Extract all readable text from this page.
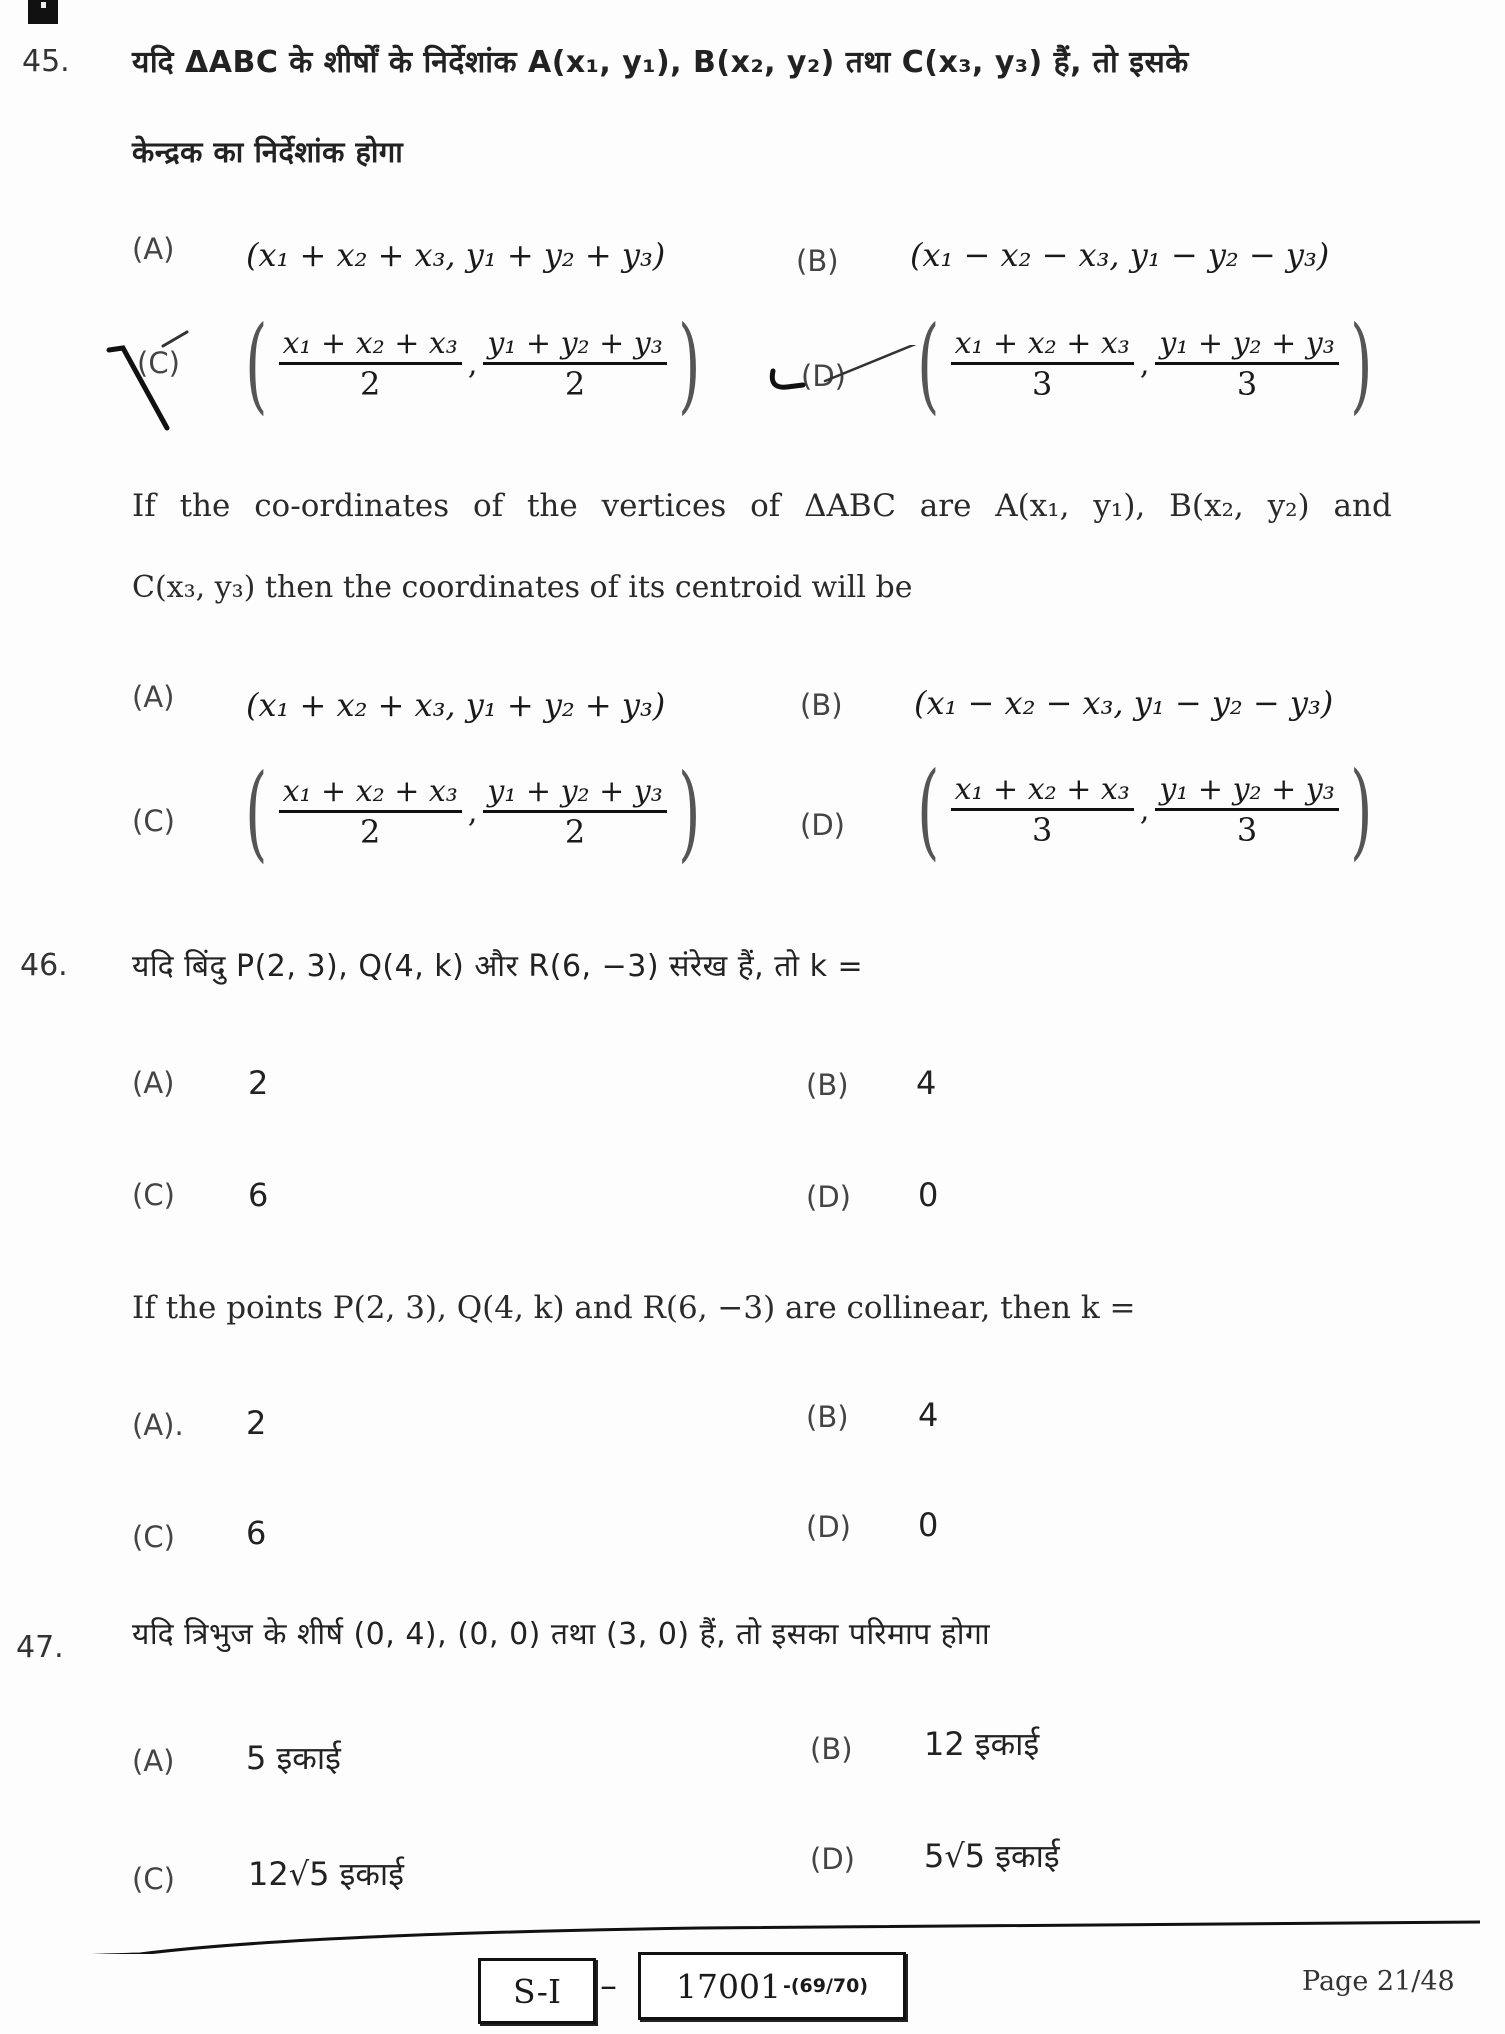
45. यदि ΔABC के शीर्षों के निर्देशांक A(x₁, y₁), B(x₂, y₂) तथा C(x₃, y₃) हैं, तो इसके
केन्द्रक का निर्देशांक होगा
(A) (x₁ + x₂ + x₃, y₁ + y₂ + y₃)	(B) (x₁ − x₂ − x₃, y₁ − y₂ − y₃)
(C) ( $\frac{\text{x₁ + x₂ + x₃}}{2}$ , $\frac{\text{y₁ + y₂ + y₃}}{2}$ )	(D) ( $\frac{\text{x₁ + x₂ + x₃}}{3}$ , $\frac{\text{y₁ + y₂ + y₃}}{3}$ )
If the co-ordinates of the vertices of ΔABC are A(x₁, y₁), B(x₂, y₂) and
C(x₃, y₃) then the coordinates of its centroid will be
(A) (x₁ + x₂ + x₃, y₁ + y₂ + y₃)	(B) (x₁ − x₂ − x₃, y₁ − y₂ − y₃)
(C) ( $\frac{\text{x₁ + x₂ + x₃}}{2}$ , $\frac{\text{y₁ + y₂ + y₃}}{2}$ )	(D) ( $\frac{\text{x₁ + x₂ + x₃}}{3}$ , $\frac{\text{y₁ + y₂ + y₃}}{3}$ )
46. यदि बिंदु P(2, 3), Q(4, k) और R(6, −3) संरेख हैं, तो k =
(A) 2	(B) 4
(C) 6	(D) 0
If the points P(2, 3), Q(4, k) and R(6, −3) are collinear, then k =
(A). 2	(B) 4
(C) 6	(D) 0
47. यदि त्रिभुज के शीर्ष (0, 4), (0, 0) तथा (3, 0) हैं, तो इसका परिमाप होगा
(A) 5 इकाई	(B) 12 इकाई
(C) 12√5 इकाई	(D) 5√5 इकाई
S-I – 17001 -(69/70)	Page 21/48
